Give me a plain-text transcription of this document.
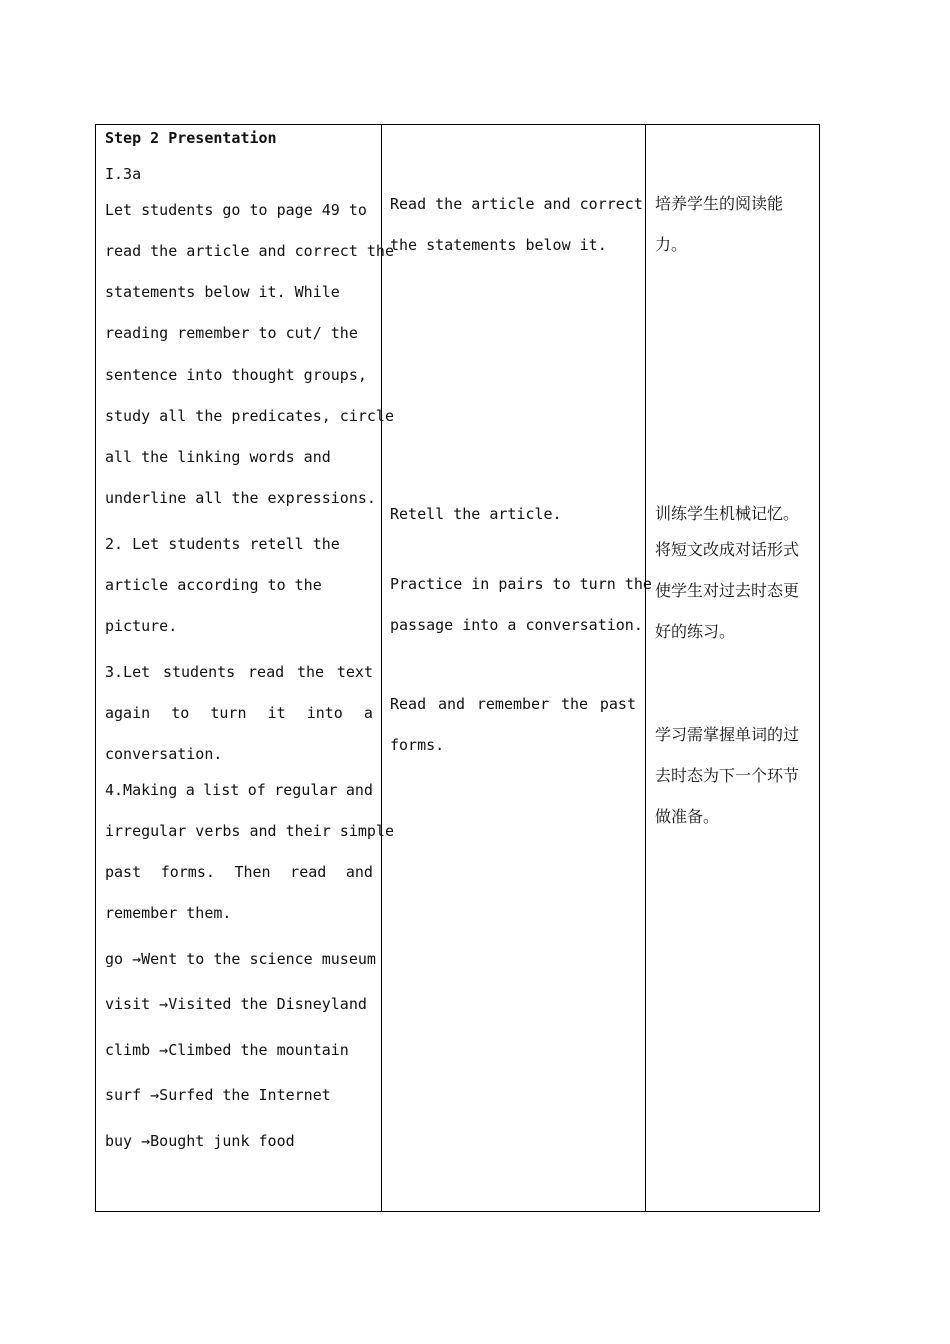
Step 2 Presentation
I.3a
Let students go to page 49 to
read the article and correct the
statements below it. While
reading remember to cut/ the
sentence into thought groups,
study all the predicates, circle
all the linking words and
underline all the expressions.
2. Let students retell the
article according to the
picture.
3.Let students read the text
again to turn it into a
conversation.
4.Making a list of regular and
irregular verbs and their simple
past forms. Then read and
remember them.
go →Went to the science museum
visit →Visited the Disneyland
climb →Climbed the mountain
surf →Surfed the Internet
buy →Bought junk food
Read the article and correct
the statements below it.
Retell the article.
Practice in pairs to turn the
passage into a conversation.
Read and remember the past
forms.
培养学生的阅读能
力。
训练学生机械记忆。
将短文改成对话形式
使学生对过去时态更
好的练习。
学习需掌握单词的过
去时态为下一个环节
做准备。
